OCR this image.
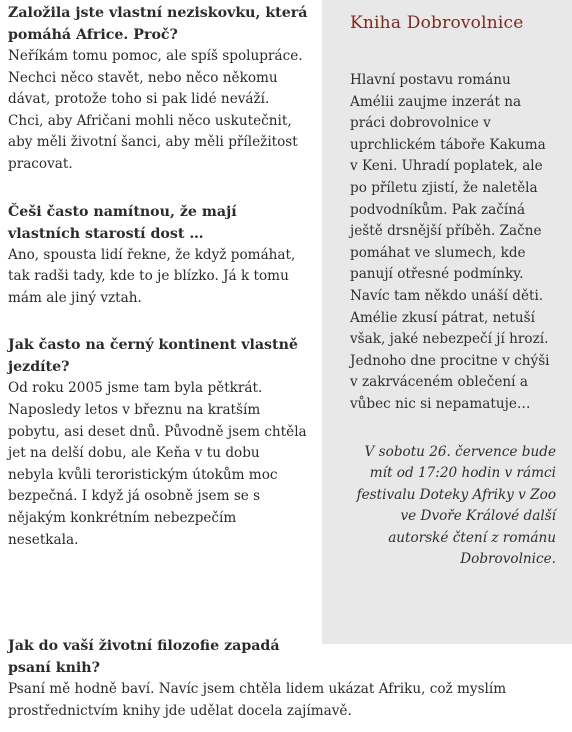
Založila jste vlastní neziskovku, která pomáhá Africe. Proč?

Neříkám tomu pomoc, ale spíš spolupráce. Nechci něco stavět, nebo něco někomu dávat, protože toho si pak lidé neváží. Chci, aby Afričani mohli něco uskutečnit, aby měli životní šanci, aby měli příležitost pracovat.

Češi často namítnou, že mají vlastních starostí dost …

Ano, spousta lidí řekne, že když pomáhat, tak radši tady, kde to je blízko. Já k tomu mám ale jiný vztah.

Jak často na černý kontinent vlastně jezdíte?

Od roku 2005 jsme tam byla pětkrát. Naposledy letos v březnu na kratším pobytu, asi deset dnů. Původně jsem chtěla jet na delší dobu, ale Keňa v tu dobu nebyla kvůli teroristickým útokům moc bezpečná. I když já osobně jsem se s nějakým konkrétním nebezpečím nesetkala.

Jak do vaší životní filozofie zapadá psaní knih?

Psaní mě hodně baví. Navíc jsem chtěla lidem ukázat Afriku, což myslím prostřednictvím knihy jde udělat docela zajímavě.

Kniha Dobrovolnice

Hlavní postavu románu Amélii zaujme inzerát na práci dobrovolnice v uprchlickém táboře Kakuma v Keni. Uhradí poplatek, ale po příletu zjistí, že naletěla podvodníkům. Pak začíná ještě drsnější příběh. Začne pomáhat ve slumech, kde panují otřesné podmínky. Navíc tam někdo unáší děti. Amélie zkusí pátrat, netuší však, jaké nebezpečí jí hrozí. Jednoho dne procitne v chýši v zakrváceném oblečení a vůbec nic si nepamatuje…

V sobotu 26. července bude mít od 17:20 hodin v rámci festivalu Doteky Afriky v Zoo ve Dvoře Králové další autorské čtení z románu Dobrovolnice.
